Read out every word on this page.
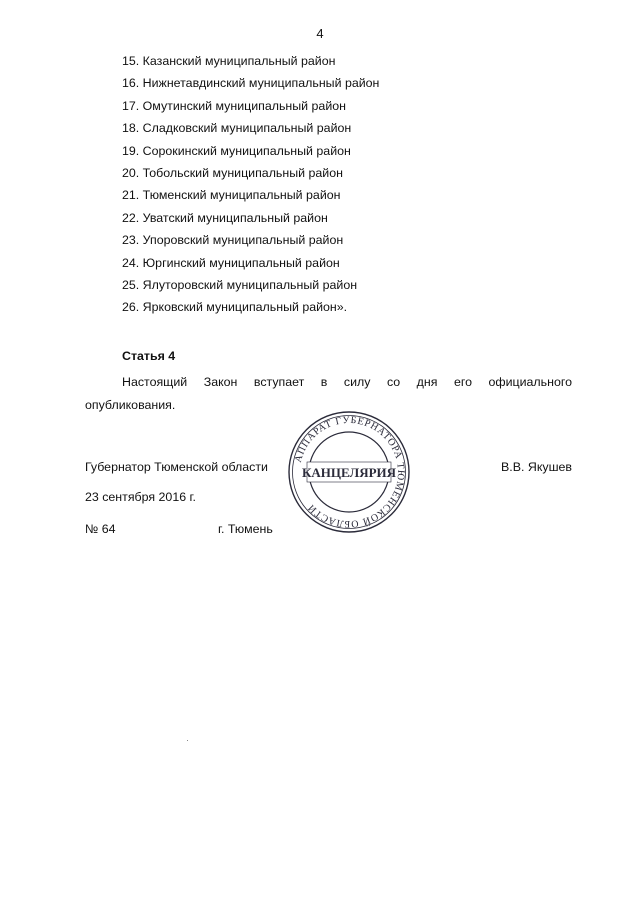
4
15. Казанский муниципальный район
16. Нижнетавдинский муниципальный район
17. Омутинский муниципальный район
18. Сладковский муниципальный район
19. Сорокинский муниципальный район
20. Тобольский муниципальный район
21. Тюменский муниципальный район
22. Уватский муниципальный район
23. Упоровский муниципальный район
24. Юргинский муниципальный район
25. Ялуторовский муниципальный район
26. Ярковский муниципальный район».
Статья 4

Настоящий Закон вступает в силу со дня его официального
опубликования.

АППАРАТ ГУБЕРНАТОРА ТЮМЕНСКОЙ ОБЛАСТИ
КАНЦЕЛЯРИЯ
Губернатор Тюменской области	В.В. Якушев
23 сентября 2016 г.
№ 64	г. Тюмень
